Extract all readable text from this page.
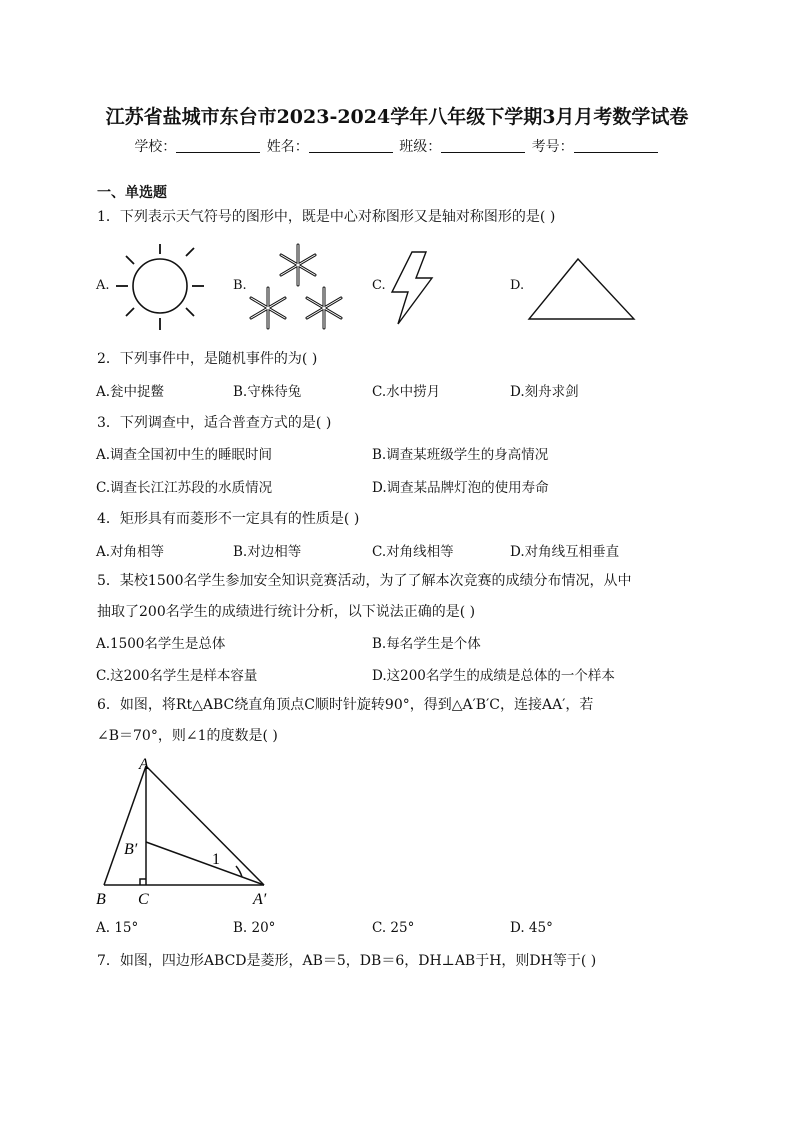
江苏省盐城市东台市2023-2024学年八年级下学期3月月考数学试卷
学校：	姓名：	班级：	考号：
一、单选题
1．下列表示天气符号的图形中，既是中心对称图形又是轴对称图形的是( )
A.	B.	C.	D.
2．下列事件中，是随机事件的为( )
A.瓮中捉鳖	B.守株待兔	C.水中捞月	D.刻舟求剑
3．下列调查中，适合普查方式的是( )
A.调查全国初中生的睡眠时间	B.调查某班级学生的身高情况
C.调查长江江苏段的水质情况	D.调查某品牌灯泡的使用寿命
4．矩形具有而菱形不一定具有的性质是( )
A.对角相等	B.对边相等	C.对角线相等	D.对角线互相垂直
5．某校1500名学生参加安全知识竞赛活动，为了了解本次竞赛的成绩分布情况，从中
抽取了200名学生的成绩进行统计分析，以下说法正确的是( )
A.1500名学生是总体	B.每名学生是个体
C.这200名学生是样本容量	D.这200名学生的成绩是总体的一个样本
6．如图，将Rt△ABC绕直角顶点C顺时针旋转90°，得到△A′B′C，连接AA′，若
∠B＝70°，则∠1的度数是( )
A
B′
1
B C	A′
A. 15°	B. 20°	C. 25°	D. 45°
7．如图，四边形ABCD是菱形，AB＝5，DB＝6，DH⊥AB于H，则DH等于( )
